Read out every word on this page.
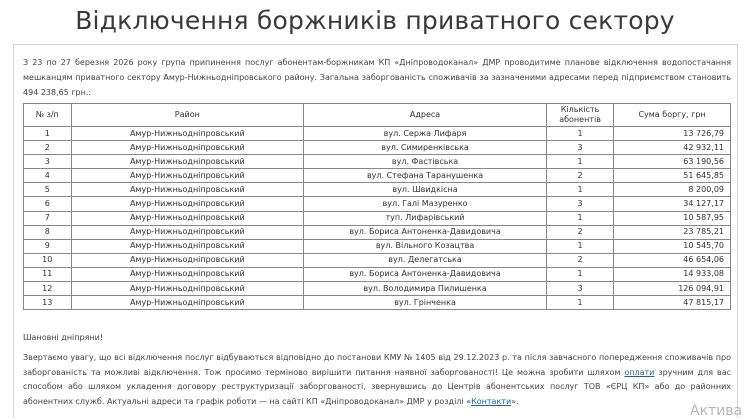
Відключення боржників приватного сектору

З 23 по 27 березня 2026 року група припинення послуг абонентам-боржникам КП «Дніпроводоканал» ДМР проводитиме планове відключення водопостачання мешканцям приватного сектору Амур-Нижньодніпровського району. Загальна заборгованість споживачів за зазначеними адресами перед підприємством становить 494 238,65 грн.:

№ з/п	Район	Адреса	Кількість абонентів	Сума боргу, грн
1	Амур-Нижньодніпровський	вул. Сержа Лифаря	1	13 726,79
2	Амур-Нижньодніпровський	вул. Симиренківська	3	42 932,11
3	Амур-Нижньодніпровський	вул. Фастівська	1	63 190,56
4	Амур-Нижньодніпровський	вул. Стефана Таранушенка	2	51 645,85
5	Амур-Нижньодніпровський	вул. Швидкісна	1	8 200,09
6	Амур-Нижньодніпровський	вул. Галі Мазуренко	3	34 127,17
7	Амур-Нижньодніпровський	туп. Лифарівський	1	10 587,95
8	Амур-Нижньодніпровський	вул. Бориса Антоненка-Давидовича	2	23 785,21
9	Амур-Нижньодніпровський	вул. Вільного Козацтва	1	10 545,70
10	Амур-Нижньодніпровський	вул. Делегатська	2	46 654,06
11	Амур-Нижньодніпровський	вул. Бориса Антоненка-Давидовича	1	14 933,08
12	Амур-Нижньодніпровський	вул. Володимира Пилишенка	3	126 094,91
13	Амур-Нижньодніпровський	вул. Грінченка	1	47 815,17

Шановні дніпряни!

Звертаємо увагу, що всі відключення послуг відбуваються відповідно до постанови КМУ № 1405 від 29.12.2023 р. та після завчасного попередження споживачів про заборгованість та можливі відключення. Тож просимо терміново вирішити питання наявної заборгованості! Це можна зробити шляхом оплати зручним для вас способом або шляхом укладення договору реструктуризації заборгованості, звернувшись до Центрів абонентських послуг ТОВ «ЄРЦ КП» або до районних абонентних служб. Актуальні адреси та графік роботи — на сайті КП «Дніпроводоканал» ДМР у розділі «Контакти».

Актива
